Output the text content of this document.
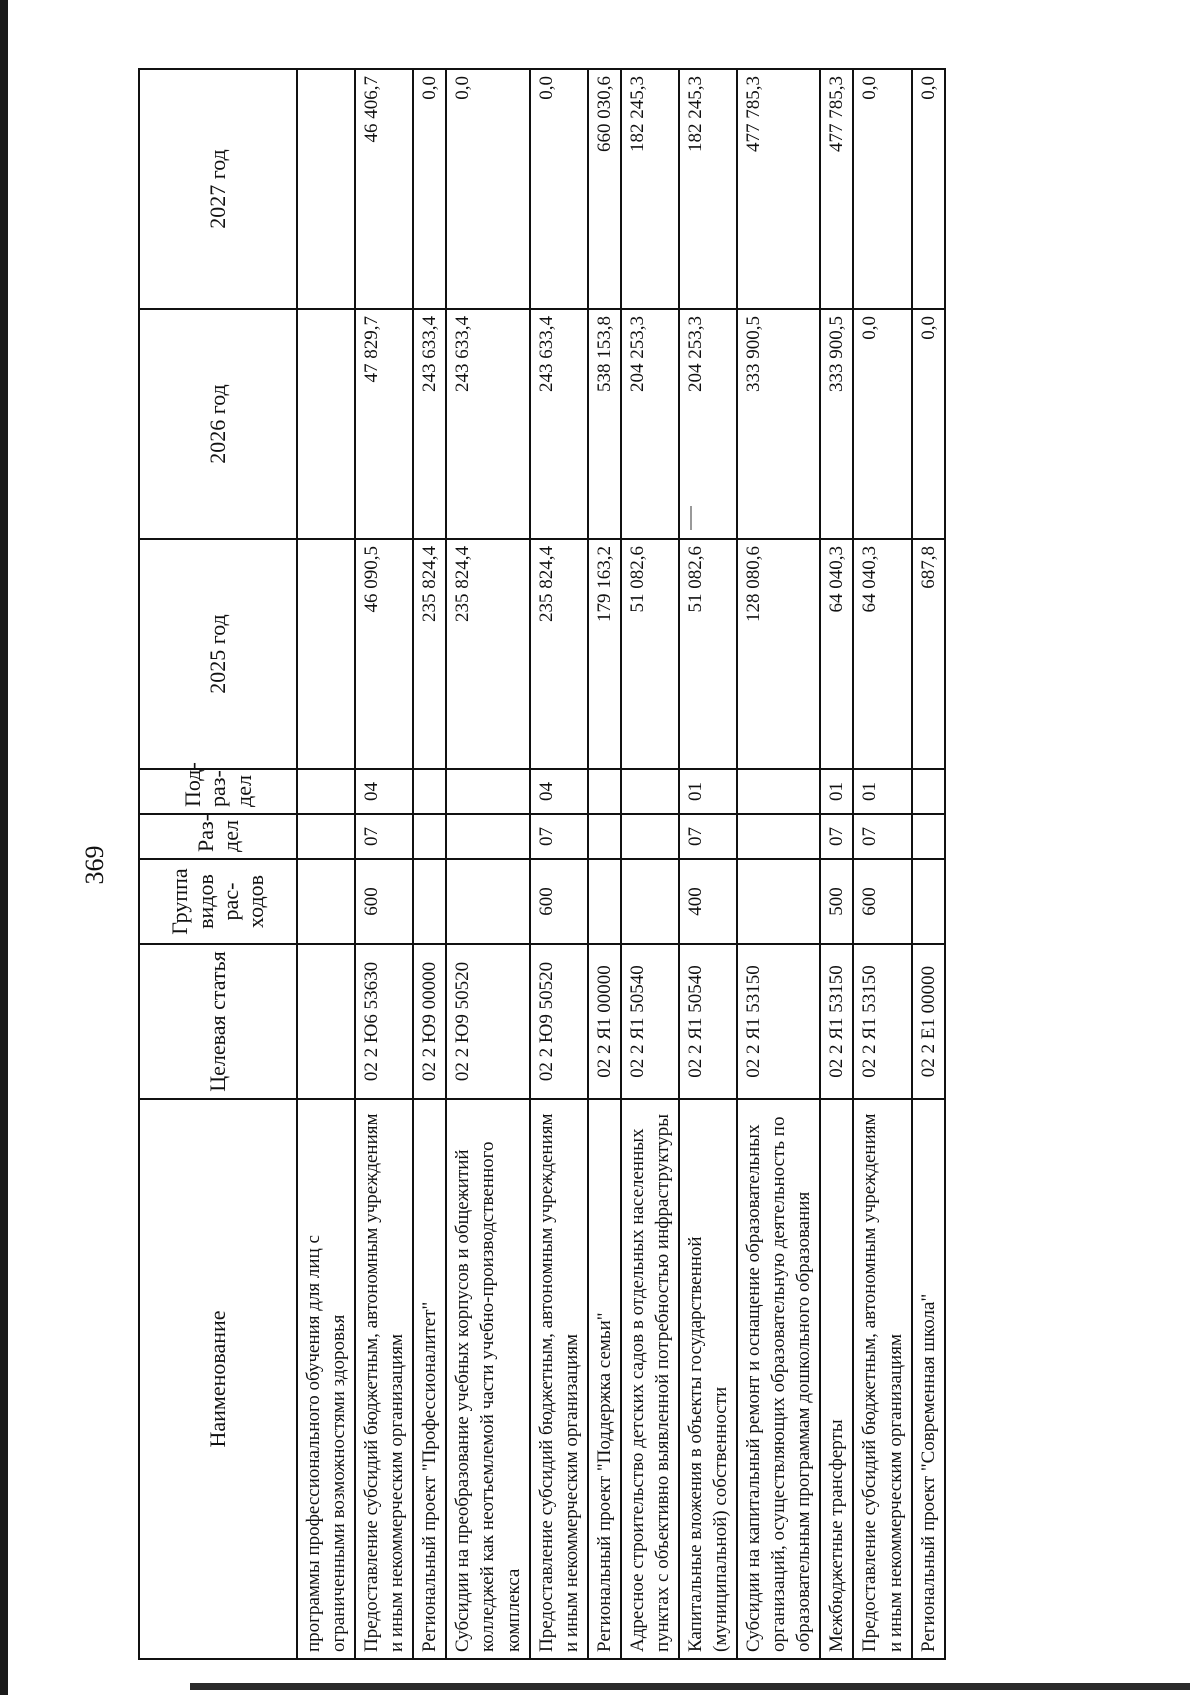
369
Наименование	Целевая статья	Группа видов рас-ходов	Раз-дел	Под-раз-дел	2025 год	2026 год	2027 год
программы профессионального обучения для лиц с ограниченными возможностями здоровья							
Предоставление субсидий бюджетным, автономным учреждениям и иным некоммерческим организациям	02 2 Ю6 53630	600	07	04	46 090,5	47 829,7	46 406,7
Региональный проект "Профессионалитет"	02 2 Ю9 00000				235 824,4	243 633,4	0,0
Субсидии на преобразование учебных корпусов и общежитий колледжей как неотъемлемой части учебно-производственного комплекса	02 2 Ю9 50520				235 824,4	243 633,4	0,0
Предоставление субсидий бюджетным, автономным учреждениям и иным некоммерческим организациям	02 2 Ю9 50520	600	07	04	235 824,4	243 633,4	0,0
Региональный проект "Поддержка семьи"	02 2 Я1 00000				179 163,2	538 153,8	660 030,6
Адресное строительство детских садов в отдельных населенных пунктах с объективно выявленной потребностью инфраструктуры	02 2 Я1 50540				51 082,6	204 253,3	182 245,3
Капитальные вложения в объекты государственной (муниципальной) собственности	02 2 Я1 50540	400	07	01	51 082,6	204 253,3	182 245,3
Субсидии на капитальный ремонт и оснащение образовательных организаций, осуществляющих образовательную деятельность по образовательным программам дошкольного образования	02 2 Я1 53150				128 080,6	333 900,5	477 785,3
Межбюджетные трансферты	02 2 Я1 53150	500	07	01	64 040,3	333 900,5	477 785,3
Предоставление субсидий бюджетным, автономным учреждениям и иным некоммерческим организациям	02 2 Я1 53150	600	07	01	64 040,3	0,0	0,0
Региональный проект "Современная школа"	02 2 Е1 00000				687,8	0,0	0,0
